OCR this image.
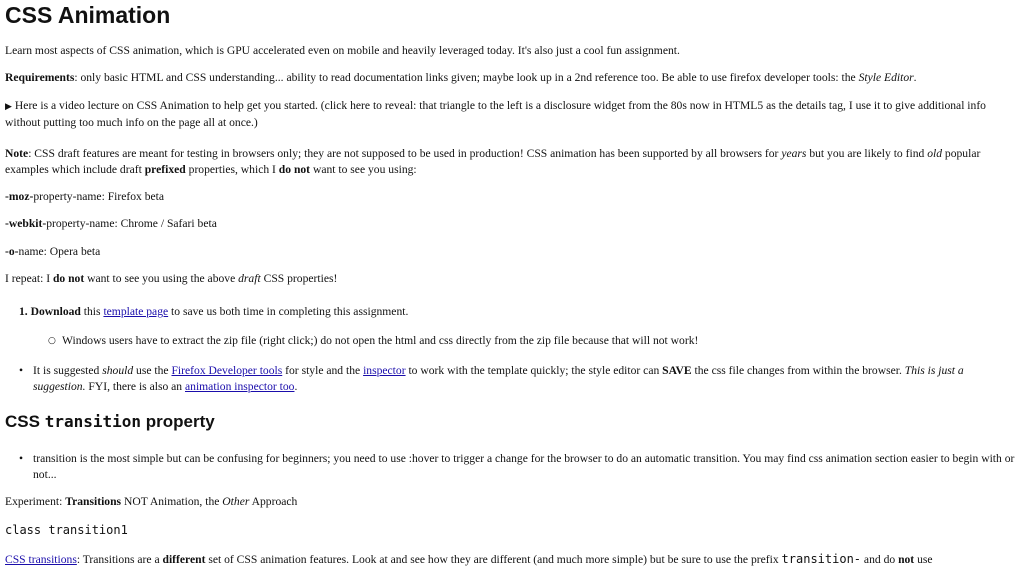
CSS Animation

Learn most aspects of CSS animation, which is GPU accelerated even on mobile and heavily leveraged today. It's also just a cool fun assignment.

Requirements: only basic HTML and CSS understanding... ability to read documentation links given; maybe look up in a 2nd reference too. Be able to use firefox developer tools: the Style Editor.

▶ Here is a video lecture on CSS Animation to help get you started. (click here to reveal: that triangle to the left is a disclosure widget from the 80s now in HTML5 as the details tag, I use it to give additional info without putting too much info on the page all at once.)

Note: CSS draft features are meant for testing in browsers only; they are not supposed to be used in production! CSS animation has been supported by all browsers for years but you are likely to find old popular examples which include draft prefixed properties, which I do not want to see you using:

-moz-property-name: Firefox beta

-webkit-property-name: Chrome / Safari beta

-o-name: Opera beta

I repeat: I do not want to see you using the above draft CSS properties!

1. Download this template page to save us both time in completing this assignment.
○ Windows users have to extract the zip file (right click;) do not open the html and css directly from the zip file because that will not work!
• It is suggested should use the Firefox Developer tools for style and the inspector to work with the template quickly; the style editor can SAVE the css file changes from within the browser. This is just a suggestion. FYI, there is also an animation inspector too.
CSS transition property
• transition is the most simple but can be confusing for beginners; you need to use :hover to trigger a change for the browser to do an automatic transition. You may find css animation section easier to begin with or not...

Experiment: Transitions NOT Animation, the Other Approach

class transition1

CSS transitions: Transitions are a different set of CSS animation features. Look at and see how they are different (and much more simple) but be sure to use the prefix transition- and do not use
